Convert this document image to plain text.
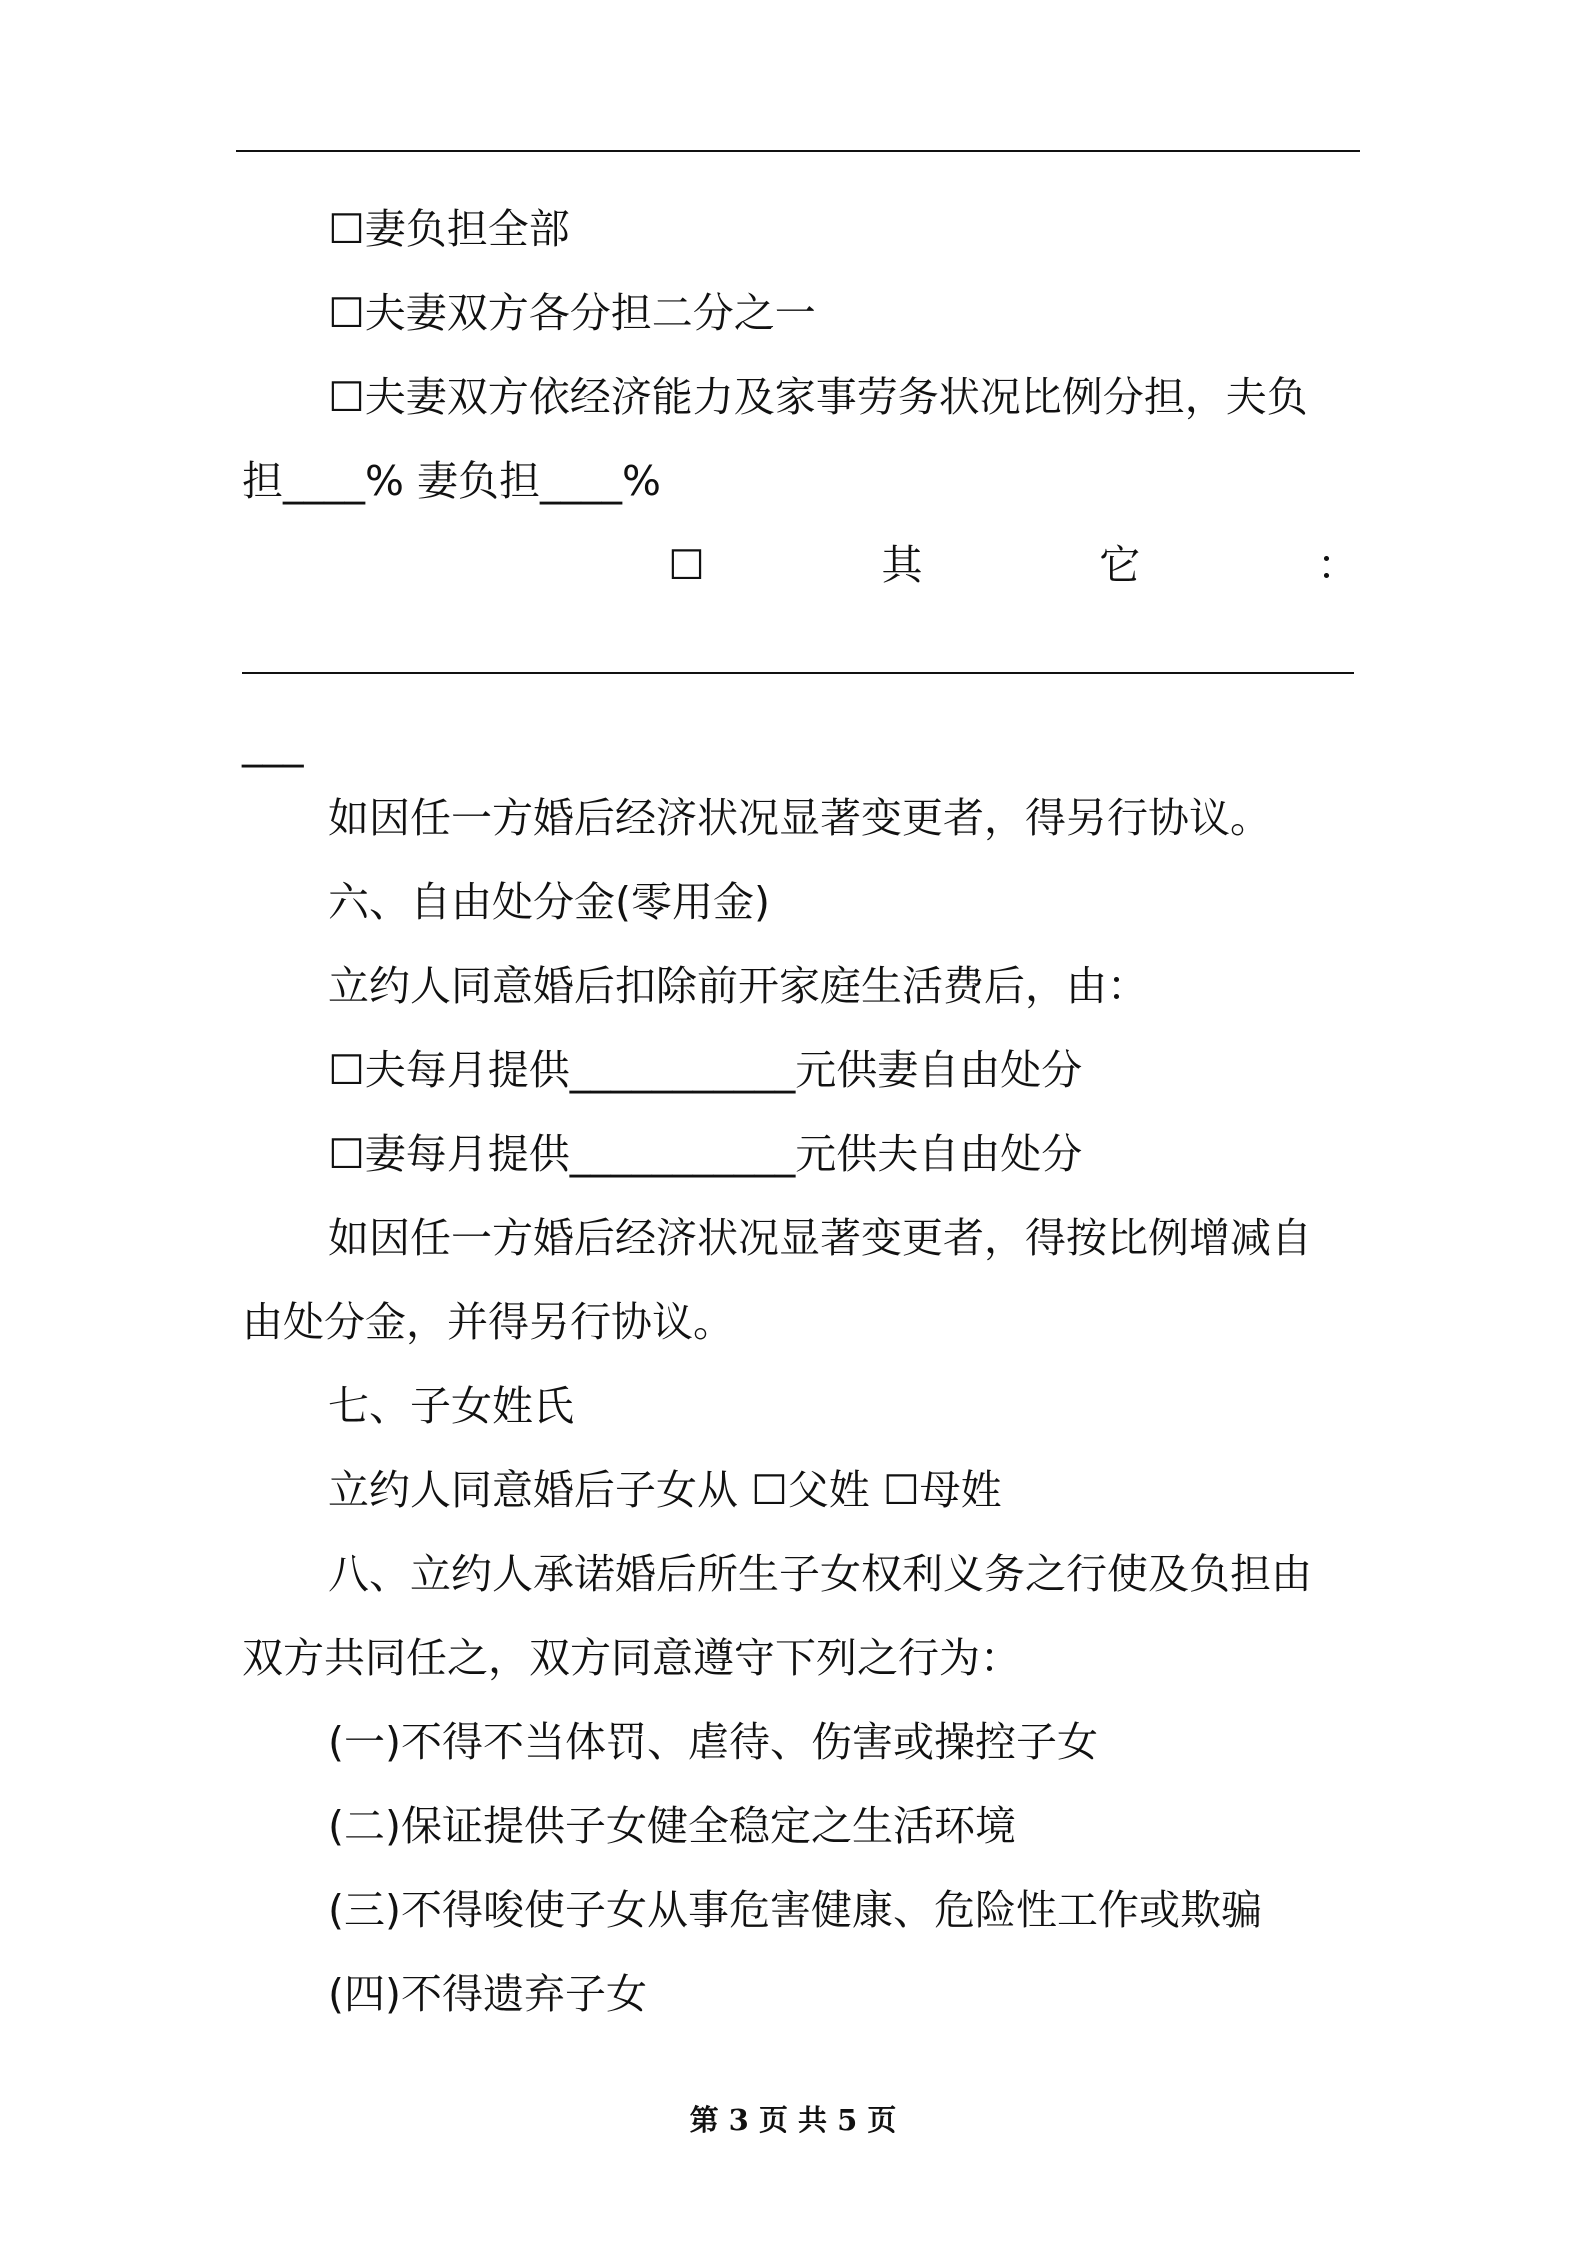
☐妻负担全部
☐夫妻双方各分担二分之一
☐夫妻双方依经济能力及家事劳务状况比例分担，夫负
担____% 妻负担____%
☐	其	它	：
___
如因任一方婚后经济状况显著变更者，得另行协议。
六、自由处分金(零用金)
立约人同意婚后扣除前开家庭生活费后，由：
☐夫每月提供___________元供妻自由处分
☐妻每月提供___________元供夫自由处分
如因任一方婚后经济状况显著变更者，得按比例增减自
由处分金，并得另行协议。
七、子女姓氏
立约人同意婚后子女从 ☐父姓 ☐母姓
八、立约人承诺婚后所生子女权利义务之行使及负担由
双方共同任之，双方同意遵守下列之行为：
(一)不得不当体罚、虐待、伤害或操控子女
(二)保证提供子女健全稳定之生活环境
(三)不得唆使子女从事危害健康、危险性工作或欺骗
(四)不得遗弃子女
第 3 页 共 5 页
